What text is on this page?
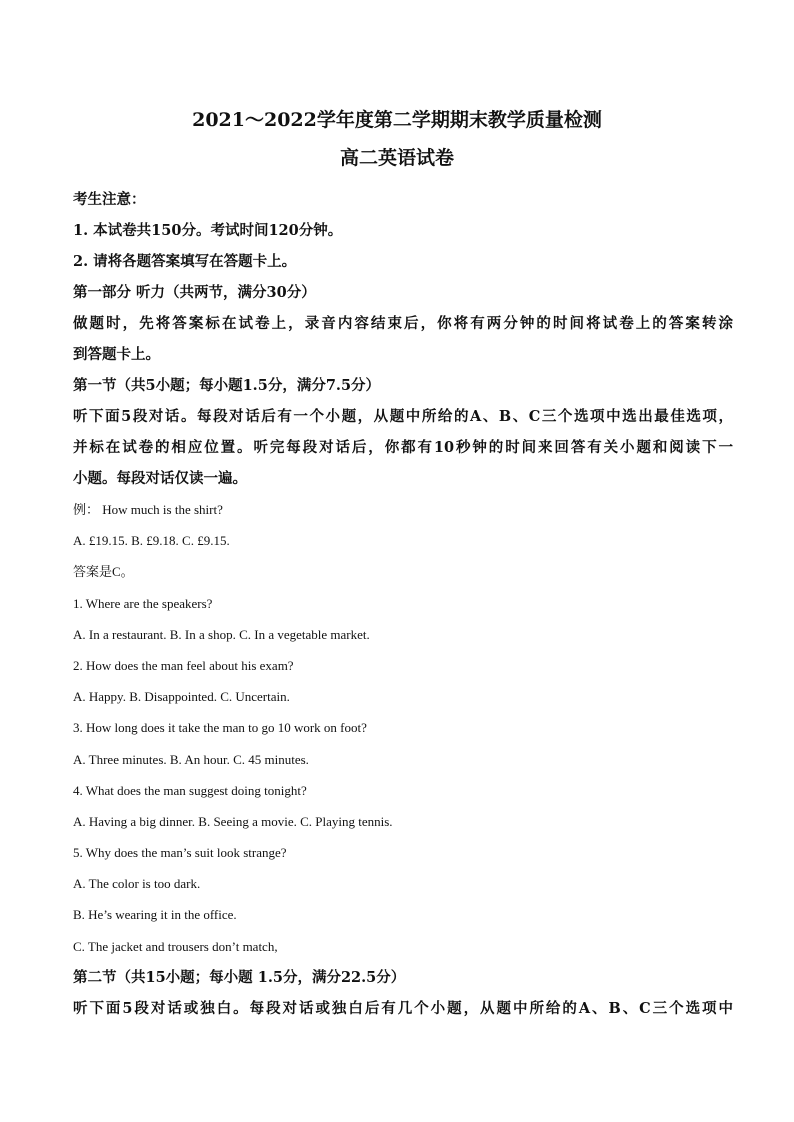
2021～2022学年度第二学期期末教学质量检测
高二英语试卷
考生注意：
1. 本试卷共150分。考试时间120分钟。
2. 请将各题答案填写在答题卡上。
第一部分 听力（共两节，满分30分）
做题时，先将答案标在试卷上，录音内容结束后，你将有两分钟的时间将试卷上的答案转涂
到答题卡上。
第一节（共5小题；每小题1.5分，满分7.5分）
听下面5段对话。每段对话后有一个小题，从题中所给的A、B、C三个选项中选出最佳选项，
并标在试卷的相应位置。听完每段对话后，你都有10秒钟的时间来回答有关小题和阅读下一
小题。每段对话仅读一遍。
例： How much is the shirt?
A. £19.15. B. £9.18. C. £9.15.
答案是C。
1. Where are the speakers?
A. In a restaurant. B. In a shop. C. In a vegetable market.
2. How does the man feel about his exam?
A. Happy. B. Disappointed. C. Uncertain.
3. How long does it take the man to go 10 work on foot?
A. Three minutes. B. An hour. C. 45 minutes.
4. What does the man suggest doing tonight?
A. Having a big dinner. B. Seeing a movie. C. Playing tennis.
5. Why does the man’s suit look strange?
A. The color is too dark.
B. He’s wearing it in the office.
C. The jacket and trousers don’t match,
第二节（共15小题；每小题 1.5分，满分22.5分）
听下面5段对话或独白。每段对话或独白后有几个小题，从题中所给的A、B、C三个选项中
